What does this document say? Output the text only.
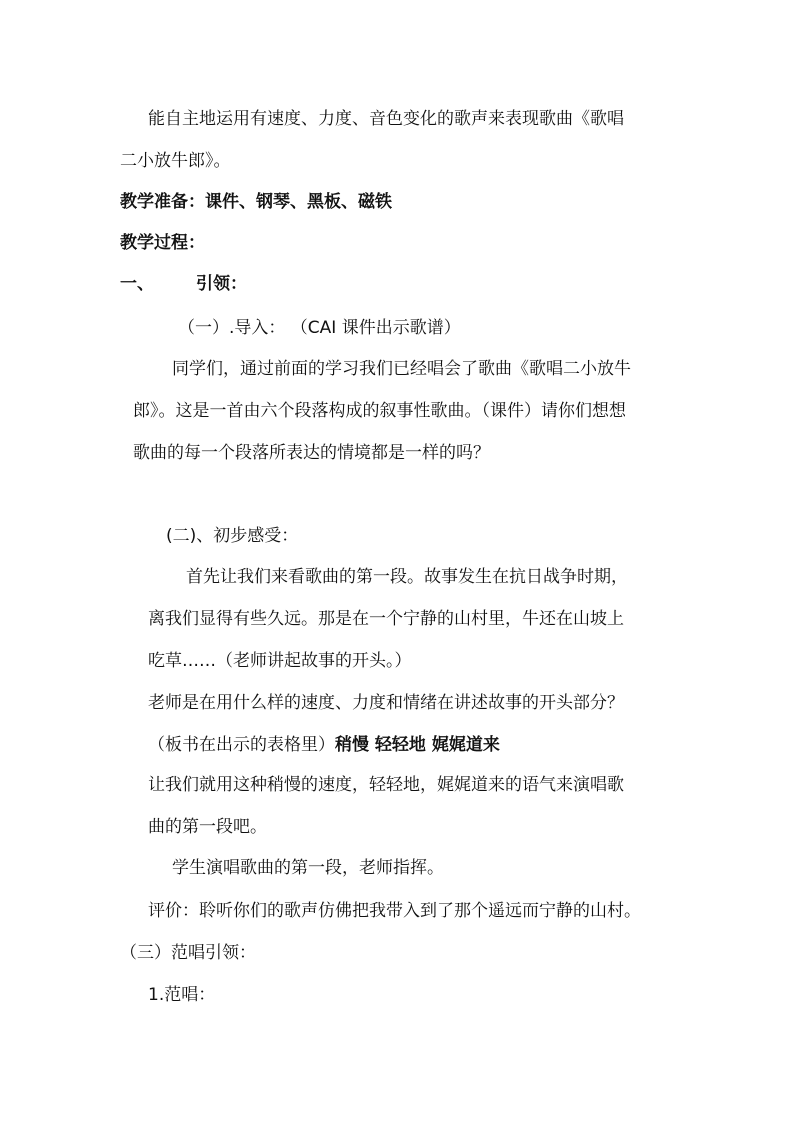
能自主地运用有速度、力度、音色变化的歌声来表现歌曲《歌唱
二小放牛郎》。
教学准备：课件、钢琴、黑板、磁铁
教学过程：
一、 引领：
（一）.导入： （CAI 课件出示歌谱）
同学们，通过前面的学习我们已经唱会了歌曲《歌唱二小放牛
郎》。这是一首由六个段落构成的叙事性歌曲。（课件）请你们想想
歌曲的每一个段落所表达的情境都是一样的吗？
(二)、初步感受：
首先让我们来看歌曲的第一段。故事发生在抗日战争时期，
离我们显得有些久远。那是在一个宁静的山村里，牛还在山坡上
吃草……（老师讲起故事的开头。）
老师是在用什么样的速度、力度和情绪在讲述故事的开头部分？
（板书在出示的表格里）稍慢 轻轻地 娓娓道来
让我们就用这种稍慢的速度，轻轻地，娓娓道来的语气来演唱歌
曲的第一段吧。
学生演唱歌曲的第一段，老师指挥。
评价：聆听你们的歌声仿佛把我带入到了那个遥远而宁静的山村。
（三）范唱引领：
1.范唱：
